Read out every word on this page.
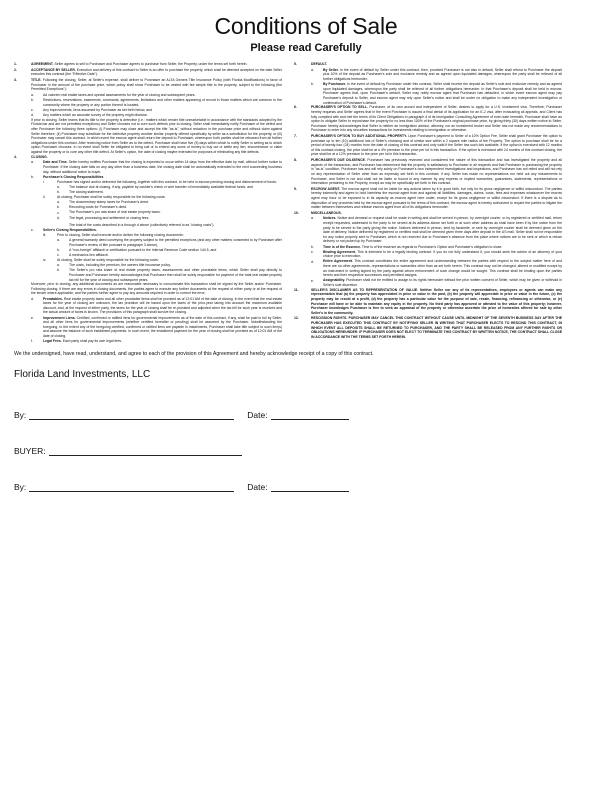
Conditions of Sale
Please read Carefully
1.	AGREEMENT. Seller agrees to sell to Purchaser and Purchaser agrees to purchase from Seller, the Property, under the terms set forth herein.
2.	ACCEPTANCE BY SELLER. Execution and delivery of this contract to Seller is an offer to purchase the property, which shall be deemed accepted on the date Seller executes this contract (the "Effective Date").
3.	TITLE. Following the closing, Seller, at Seller's expense, shall deliver to Purchaser an ALTA Owners Title Insurance Policy (with Florida Modifications) in favor of Purchaser in the amount of the purchase price, which policy shall show Purchaser to be vested with fee simple title to the property, subject to the following (the Permitted Exceptions"):
a.	Ad valorem real estate taxes and special assessments for the year of closing and subsequent years.
b.	Restrictions, reservations, easements, covenants, agreements, limitations and other matters appearing of record in those matters which are common to the community where the property or any portion thereof is located,
c.	Any improvements, liens assumed by Purchaser as set forth below, and
d.	Any matters which an accurate survey of the property might disclose.
If prior to closing, Seller learns that its title to the property is defective (i.e.: matters which render title unmarketable in accordance with the standards adopted by the Florida bar and are not permitted exceptions) and Seller chooses not to cure such defects prior to closing, Seller shall immediately notify Purchaser of the defect and offer Purchaser the following three options: (i) Purchaser may close and accept the title "as-is", without reduction in the purchase price and without claim against Seller therefore, (ii) Purchaser may substitute for the defective property another similar property offered specifically by seller as a substitution for the property, or (iii) Purchaser may cancel this contract, in which event the escrow agent shall return the deposit to Purchaser, whereupon both parties shall be released from all further obligations under this contract. After receiving notice from Seller as to the defect, Purchaser shall have five (5) days within which to notify Seller in writing as to which option Purchaser chooses. In no event shall Seller be obligated to bring suit or to extend any sums of money to buy out or settle any lien, encumbrance or claim against the property or to cure any other title defect. At Seller's option, the date of closing maybe extended for purposes of eliminating any title defects.
4.	CLOSING.
a.	Date and Time. Seller hereby notifies Purchaser that the closing is expected to occur within 14 days from the effective date by mail, without further notice to Purchaser. If the closing date falls on any day other than a business date, the closing date shall be automatically extended to the next succeeding business day, without additional notice to buyer.
b.	Purchaser's Closing Responsibilities
i.	Purchaser has signed and/or delivered the following, together with this contract, to be held in escrow pending closing and disbursement of funds:
a.	The balance due at closing, if any, payable by cashier's check or wire transfer of immediately available federal funds, and
b.	The closing statement.
ii.	At closing, Purchaser shall be solely responsible for the following costs:
a.	The documentary stamp taxes for Purchaser's deed.
b.	Recording costs for Purchaser's deed.
c.	The Purchaser's pro rata share of real estate property taxes.
d.	The legal, processing and settlement or closing fees.
The total of the costs described in a through d above (collectively referred to as "closing costs").
c.	Seller's Closing Responsibilities.
iii.	Prior to closing, Seller shall execute and/or deliver the following closing documents:
a.	A general warranty deed conveying the property subject to the permitted exceptions (and any other matters consented to by Purchaser after Purchaser's review of title pursuant to paragraph 3 above),
b.	A "non-foreign" affidavit or certification pursuant to the Internal Revenue Code section 144 5, and
c.	A mechanics lien affidavit.
iv.	At closing, Seller shall be solely responsible for the following costs:
a.	The costs, including the premium, the owners title insurance policy.
b.	The Seller's pro rata share of real estate property taxes, assessments and other proratable items, which Seller shall pay directly to Purchaser and Purchaser hereby acknowledges that Purchaser then shall be solely responsible for payment of the total real estate property tax bill for the year of closing and subsequent years.
Moreover, prior to closing, any additional documents as are reasonable necessary to consummate this transaction shall be signed by the Seller and/or Purchaser. Following closing, if there are any errors in closing documents, the parties agree to execute any further documents at the request of either party or at the request of the lender where applicable, and the parties further agree to pay any amounts required in order to correct the error.
d.	Proratables. Real estate property taxes and all other proratable items shall be prorated as of 12:01 AM of the date of closing. In the event that the real estate taxes for the year of closing are unknown, the tax proration will be based upon the taxes of the prior-year taking into account the maximum available discount, and, at the request of either party, the taxes for the year of closing shall be re-prorated and adjusted when the tax bill for such year is received and the actual amount of taxes is known. The provisions of this paragraph shall survive the closing.
e.	Improvement Liens. Certified, confirmed or ratified liens for governmental improvements as of the date of this contract, if any, shall be paid in full by Seller, and all other liens for governmental improvements (whether certified hereafter or pending) shall be assumed by the Purchaser. Notwithstanding the foregoing, to the extent any of the foregoing certified, confirmed or ratified liens are payable in installments, Purchaser shall take title subject to such lien(s) and assume the balance of such installment payments. In such event, the installment payment for the year of closing shall be prorated as of 12:01 AM of the date of closing.
f.	Legal Fees. Each party shall pay its own legal fees.
5.	DEFAULT.
a.	By Seller. In the event of default by Seller under this contract, then, provided Purchaser is not also in default, Seller shall refund to Purchaser the deposit plus 10% of the deposit as Purchaser's sole and exclusive remedy and as agreed upon liquidated damages, whereupon the party shall be relieved of all further obligations hereunder.
b.	By Purchaser. In the event of default by Purchaser under this contract, Seller shall receive the deposit as Seller's sole and exclusive remedy and as agreed upon liquidated damages, whereupon the party shall be relieved of all further obligations hereunder. In that Purchaser's deposit shall be held in escrow. Purchaser agrees that, upon Purchaser's default, Seller may notify escrow agent that Purchaser has defaulted, in which event escrow agent may pay Purchaser's deposit to Seller, and escrow agent may rely upon Seller's notice and shall be under no obligation to make any independent investigation or confirmation of Purchaser's default.
6.	PURCHASER'S OPTION TO SELL. Purchaser, of its own accord and independent of Seller, desires to apply for a U.S. investment visa. Therefore, Purchaser hereby requests and Seller agrees that in the event Purchaser is issued a final denial of its application for an E-2 visa, after exhausting all appeals, and Client has fully complied with and met the terms of its Client Obligations in paragraph 4 of its Immigration Consulting Agreement of even date herewith, Purchaser shall have an option to obligate Seller to repurchase the property for no less than 100% of the Purchaser's original purchase price, by giving thirty (30) days written notice to Seller. Purchaser hereby acknowledges that Seller is neither an immigration advisor, attorney, nor an investment broker and Seller has not made any recommendations to Purchaser to enter into any securities transactions for investments relating to immigration or otherwise.
7.	PURCHASER'S OPTION TO BUY ADDITIONAL PROPERTY. Upon Purchaser's payment to Seller of a 10% Option Fee, Seller shall grant Purchaser the option to purchase up to ten (10) additional lots of Seller's choosing and of similar size within a 2 square mile radius of the Property. The option to purchase shall be for a period of twenty-four (24) months from the date of closing of this contract and only valid if the Seller has such lots available. If the option is exercised with 12 months of this contract closing, the price shall be at a 4% premium to the price per lot in this transaction. If the option is exercised with 24 months of this contract closing, the price shall be at a 12% premium to the price per lot in this transaction.
8.	PURCHASER'S DUE DILIGENCE. Purchaser has previously reviewed and considered the nature of this transaction and has investigated the property and all aspects of the transaction, and Purchaser has determined that the property is satisfactory to Purchaser in all respects and that Purchaser is purchasing the property in "as-is" condition. Purchaser has and will rely solely on Purchaser's own independent investigations and inspections, and Purchaser has not relied and will not rely on any representation of Seller other than as expressly set forth in this contract, if any. Seller has made no representations nor held out any inducements to Purchaser, and Seller is not and shall not be liable or bound in any manner by any express or implied warranties, guarantees, statements, representations or information pertaining to the Property, except as may be specifically set forth in this contract.
9.	ESCROW AGENT. The escrow agent shall not be liable for any actions taken by it in good faith, but only for its gross negligence or willful misconduct. The parties hereby indemnify and agree to hold harmless the escrow agent from and against all liabilities, damages, claims, costs, fees and expenses whatsoever the escrow agent may incur or be exposed to in its capacity as escrow agent here under, except for its gross negligence or willful misconduct. If there is a dispute as to disposition of any proceeds held by the escrow agent pursuant to the terms of this contract, the escrow agent is hereby authorized to require the parties to litigate the matter between themselves and release escrow agent from all of its obligations hereunder.
10.	MISCELLANEOUS.
a.	Notices. Notice and demand or request shall be made in writing and shall be served in person, by overnight courier, or by registered or certified mail, return receipt requested, addressed to the party to be served at its address above set forth or at such other address as shall have been if by like notice from the party to be served to the party giving the notice. Notices delivered in person, sent by facsimile, or sent by overnight courier shall be deemed given on the date of delivery. Notice delivered by registered or certified mail shall be deemed given three days after deposit in the US mail. Seller shall not be responsible for any notice properly sent to Purchaser, which is not received due to Purchaser's absence from the place where notices are to be sent or which is refuse delivery or not picked up by Purchaser.
b.	Time is of the Essence. Time is of the essence as regards to Purchaser's Option and Purchaser's obligation to close.
c.	Binding Agreement. This is intended to be a legally binding contract. If you do not fully understand it, you should seek the advice of an attorney of your choice prior to execution.
d.	Entire Agreement. This contract constitutes the entire agreement and understanding between the parties with respect to the subject matter here of and there are no other agreements, representations or warranties other than as set forth herein. This contract may not be changed, altered or modified except by an instrument in writing signed by the party against whom enforcement of such change would be sought. This contract shall be binding upon the parties hereto and their respective successors and permitted assigns.
e.	Assignability. Purchaser shall not be entitled to assign to its rights hereunder without the prior written consent of Seller, which may be given or withhold in Seller's sole discretion.
11.	SELLER'S DISCLAIMER AS TO REPRESENTATION OF VALUE. Neither Seller nor any of its representatives, employees or agents can make any representation that (a) the property has appreciated in price or value in the past, (b) the property will appreciate in price or value in the future, (c) the property may be resold at a profit, (d) the property has a particular value for the purpose of sale, resale, financing, refinancing or otherwise, or (e) Purchaser will have or be able to maintain any equity in the property. No third party has approved or attested to the value of this property; however, Purchaser knowledges Purchaser is free to seek an appraisal of the property or otherwise ascertain the price of homesites offered for sale by other Seller's in the community.
12.	RESCISSION RIGHTS. PURCHASER MAY CANCEL THIS CONTRACT WITHOUT CAUSE UNTIL MIDNIGHT OF THE SEVENTH BUSINESS DAY AFTER THE PURCHASER HAS EXECUTED THIS CONTRACT BY NOTIFYING SELLER IN WRITING THAT PURCHASER ELECTS TO RESCIND THIS CONTRACT, IN WHICH EVENT ALL DEPOSITS SHALL BE RETURNED TO PURCHASER, AND THE PARTY SHALL BE RELEASED FROM ANY FURTHER RIGHTS OR OBLIGATIONS HEREUNDER. IF PURCHASER DOES NOT ELECT TO TERMINATE THIS CONTRACT BY WRITTEN NOTICE, THE CONTRACT SHALL CLOSE IN ACCORDANCE WITH THE TERMS SET FORTH HEREIN.
We the undersigned, have read, understand, and agree to each of the provision of this Agreement and hereby acknowledge receipt of a copy of this contract.
Florida Land Investments, LLC
By:	Date:
BUYER:
By:	Date:
